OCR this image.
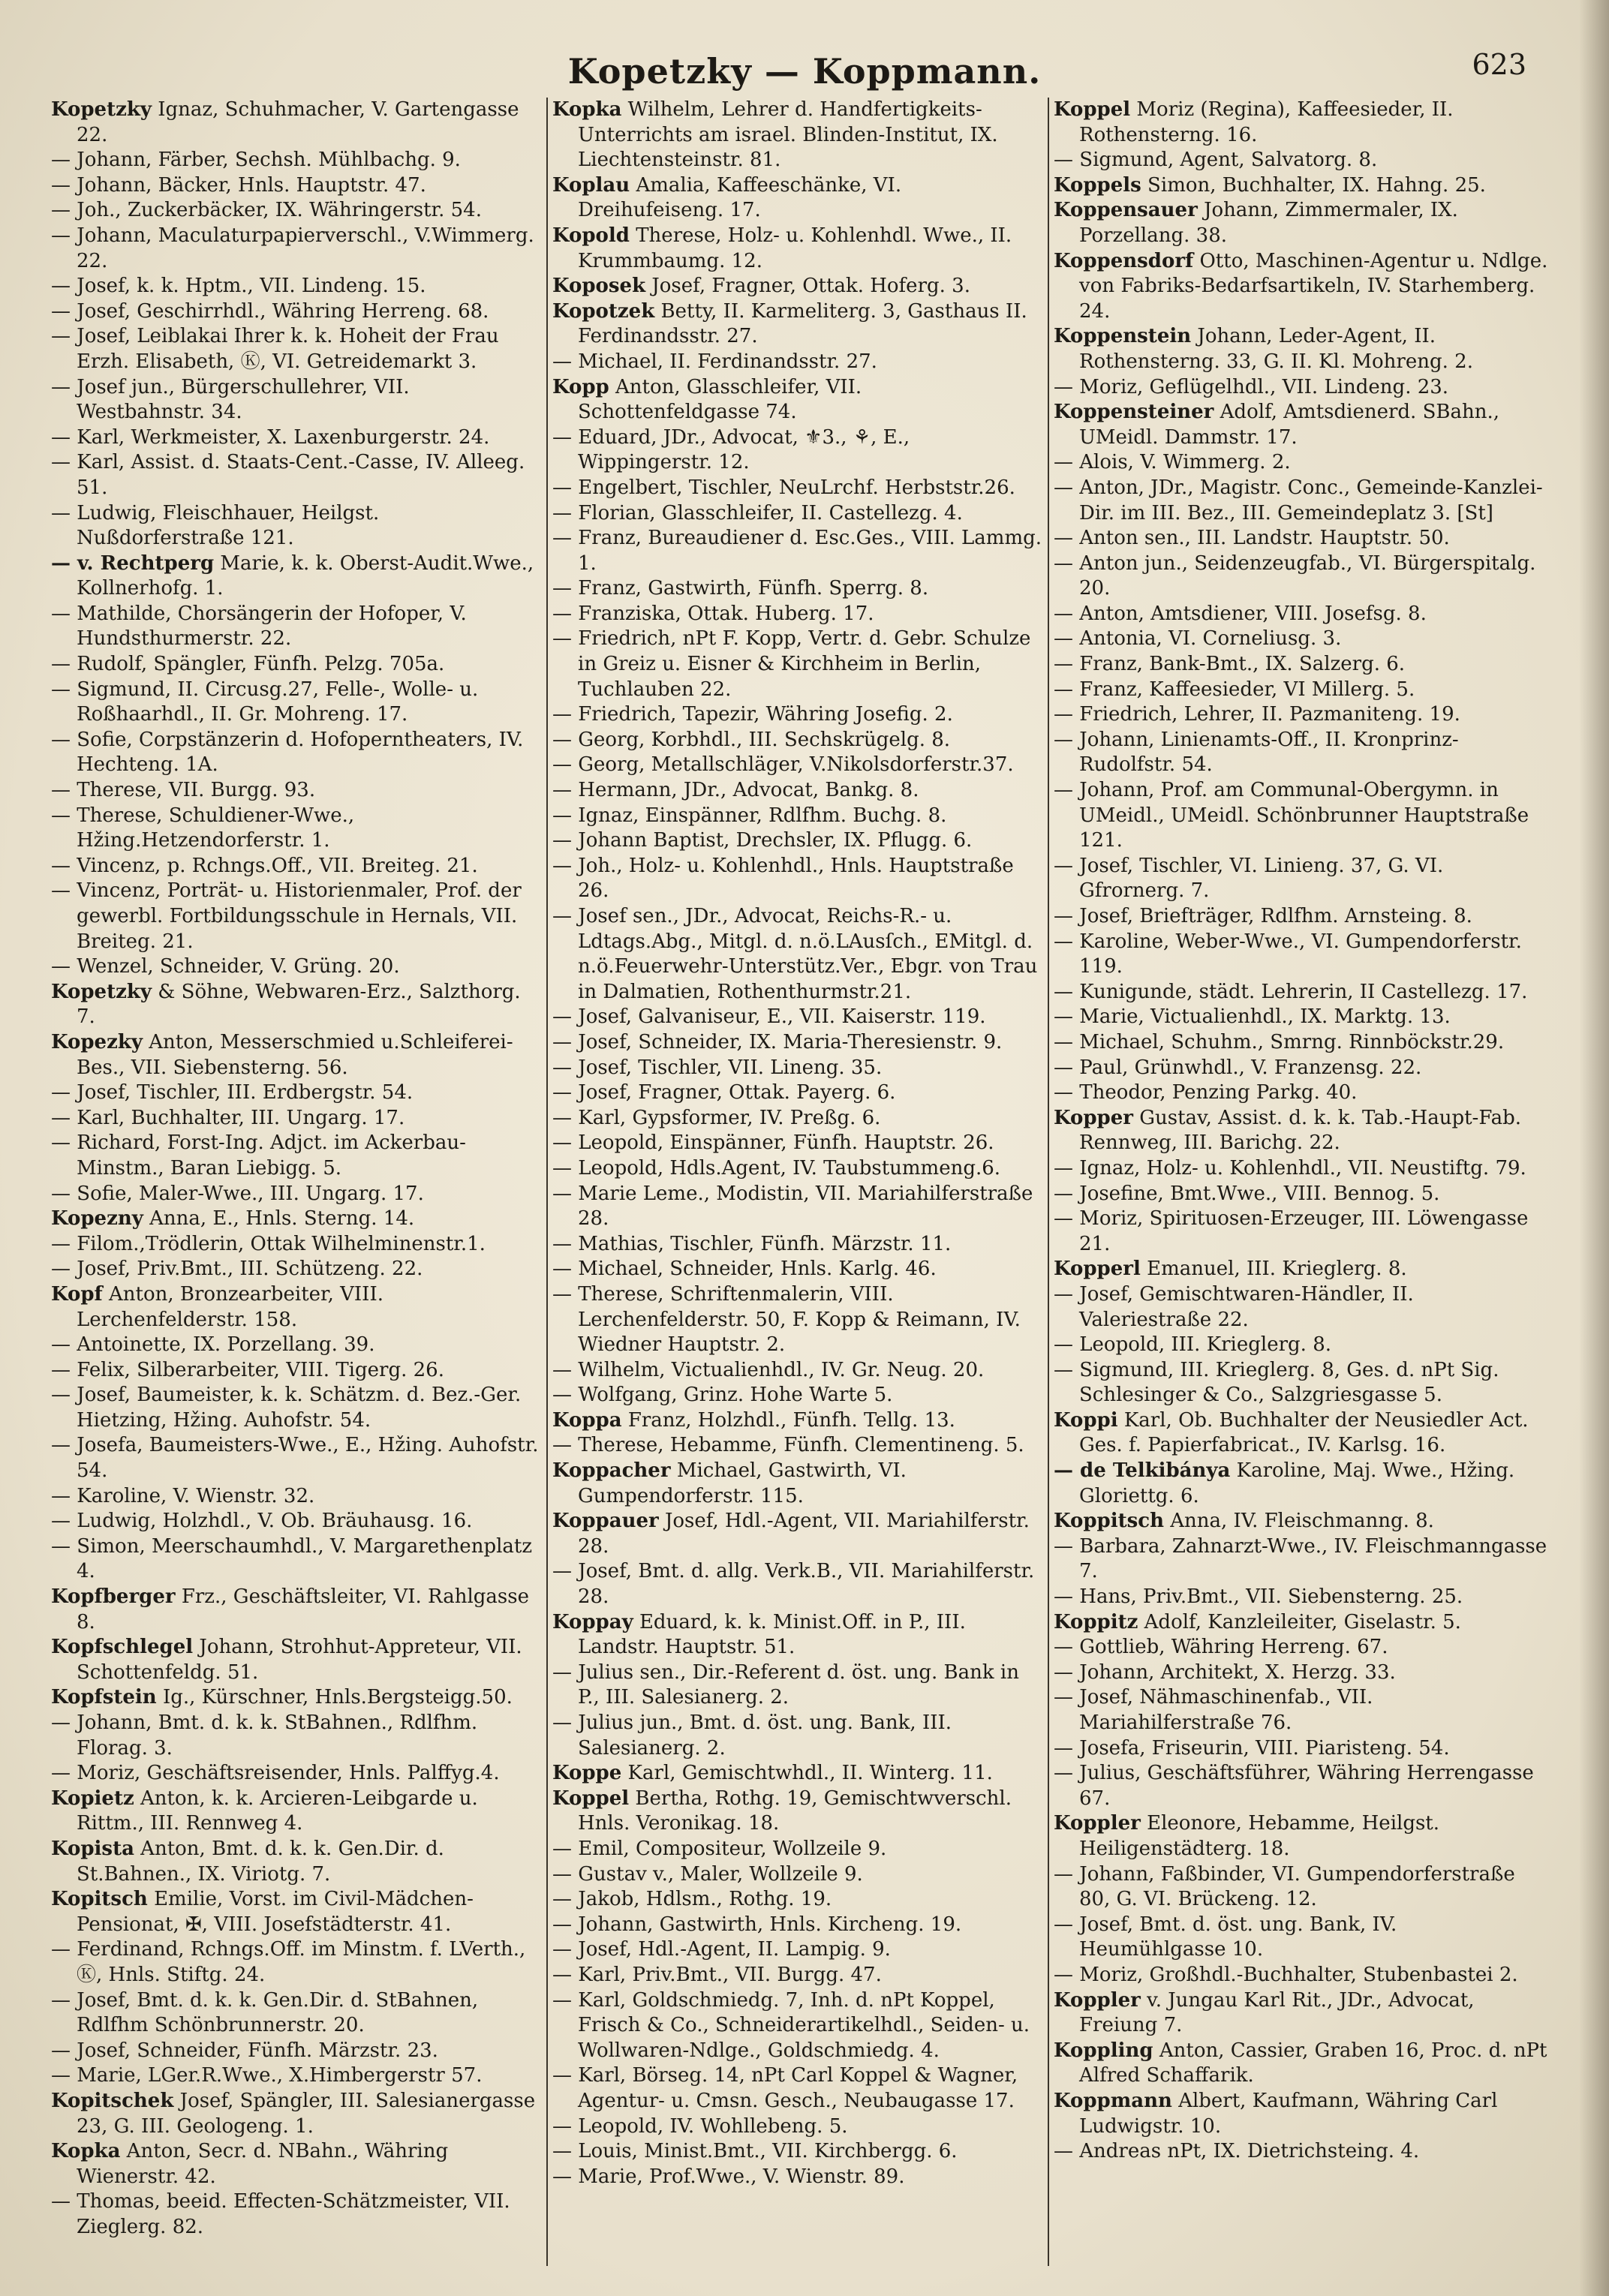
Kopetzky — Koppmann.	623

Kopetzky Ignaz, Schuhmacher, V. Gartengasse 22.

— Johann, Färber, Sechsh. Mühlbachg. 9.

— Johann, Bäcker, Hnls. Hauptstr. 47.

— Joh., Zuckerbäcker, IX. Währingerstr. 54.

— Johann, Maculaturpapierverschl., V.Wimmerg. 22.

— Josef, k. k. Hptm., VII. Lindeng. 15.

— Josef, Geschirrhdl., Währing Herreng. 68.

— Josef, Leiblakai Ihrer k. k. Hoheit der Frau Erzh. Elisabeth, Ⓚ, VI. Getreidemarkt 3.

— Josef jun., Bürgerschullehrer, VII. Westbahnstr. 34.

— Karl, Werkmeister, X. Laxenburgerstr. 24.

— Karl, Assist. d. Staats-Cent.-Casse, IV. Alleeg. 51.

— Ludwig, Fleischhauer, Heilgst. Nußdorferstraße 121.

— v. Rechtperg Marie, k. k. Oberst-Audit.Wwe., Kollnerhofg. 1.

— Mathilde, Chorsängerin der Hofoper, V. Hundsthurmerstr. 22.

— Rudolf, Spängler, Fünfh. Pelzg. 705a.

— Sigmund, II. Circusg.27, Felle-, Wolle- u. Roßhaarhdl., II. Gr. Mohreng. 17.

— Sofie, Corpstänzerin d. Hofoperntheaters, IV. Hechteng. 1A.

— Therese, VII. Burgg. 93.

— Therese, Schuldiener-Wwe., Hžing.Hetzendorferstr. 1.

— Vincenz, p. Rchngs.Off., VII. Breiteg. 21.

— Vincenz, Porträt- u. Historienmaler, Prof. der gewerbl. Fortbildungsschule in Hernals, VII. Breiteg. 21.

— Wenzel, Schneider, V. Grüng. 20.

Kopetzky & Söhne, Webwaren-Erz., Salzthorg. 7.

Kopezky Anton, Messerschmied u.Schleiferei-Bes., VII. Siebensterng. 56.

— Josef, Tischler, III. Erdbergstr. 54.

— Karl, Buchhalter, III. Ungarg. 17.

— Richard, Forst-Ing. Adjct. im Ackerbau-Minstm., Baran Liebigg. 5.

— Sofie, Maler-Wwe., III. Ungarg. 17.

Kopezny Anna, E., Hnls. Sterng. 14.

— Filom.,Trödlerin, Ottak Wilhelminenstr.1.

— Josef, Priv.Bmt., III. Schützeng. 22.

Kopf Anton, Bronzearbeiter, VIII. Lerchenfelderstr. 158.

— Antoinette, IX. Porzellang. 39.

— Felix, Silberarbeiter, VIII. Tigerg. 26.

— Josef, Baumeister, k. k. Schätzm. d. Bez.-Ger. Hietzing, Hžing. Auhofstr. 54.

— Josefa, Baumeisters-Wwe., E., Hžing. Auhofstr. 54.

— Karoline, V. Wienstr. 32.

— Ludwig, Holzhdl., V. Ob. Bräuhausg. 16.

— Simon, Meerschaumhdl., V. Margarethenplatz 4.

Kopfberger Frz., Geschäftsleiter, VI. Rahlgasse 8.

Kopfschlegel Johann, Strohhut-Appreteur, VII. Schottenfeldg. 51.

Kopfstein Ig., Kürschner, Hnls.Bergsteigg.50.

— Johann, Bmt. d. k. k. StBahnen., Rdlfhm. Florag. 3.

— Moriz, Geschäftsreisender, Hnls. Palffyg.4.

Kopietz Anton, k. k. Arcieren-Leibgarde u. Rittm., III. Rennweg 4.

Kopista Anton, Bmt. d. k. k. Gen.Dir. d. St.Bahnen., IX. Viriotg. 7.

Kopitsch Emilie, Vorst. im Civil-Mädchen-Pensionat, ✠, VIII. Josefstädterstr. 41.

— Ferdinand, Rchngs.Off. im Minstm. f. LVerth., Ⓚ, Hnls. Stiftg. 24.

— Josef, Bmt. d. k. k. Gen.Dir. d. StBahnen, Rdlfhm Schönbrunnerstr. 20.

— Josef, Schneider, Fünfh. Märzstr. 23.

— Marie, LGer.R.Wwe., X.Himbergerstr 57.

Kopitschek Josef, Spängler, III. Salesianergasse 23, G. III. Geologeng. 1.

Kopka Anton, Secr. d. NBahn., Währing Wienerstr. 42.

— Thomas, beeid. Effecten-Schätzmeister, VII. Zieglerg. 82.

Kopka Wilhelm, Lehrer d. Handfertigkeits-Unterrichts am israel. Blinden-Institut, IX. Liechtensteinstr. 81.

Koplau Amalia, Kaffeeschänke, VI. Dreihufeiseng. 17.

Kopold Therese, Holz- u. Kohlenhdl. Wwe., II. Krummbaumg. 12.

Koposek Josef, Fragner, Ottak. Hoferg. 3.

Kopotzek Betty, II. Karmeliterg. 3, Gasthaus II. Ferdinandsstr. 27.

— Michael, II. Ferdinandsstr. 27.

Kopp Anton, Glasschleifer, VII. Schottenfeldgasse 74.

— Eduard, JDr., Advocat, ⚜3., ⚘, E., Wippingerstr. 12.

— Engelbert, Tischler, NeuLrchf. Herbststr.26.

— Florian, Glasschleifer, II. Castellezg. 4.

— Franz, Bureaudiener d. Esc.Ges., VIII. Lammg. 1.

— Franz, Gastwirth, Fünfh. Sperrg. 8.

— Franziska, Ottak. Huberg. 17.

— Friedrich, nPt F. Kopp, Vertr. d. Gebr. Schulze in Greiz u. Eisner & Kirchheim in Berlin, Tuchlauben 22.

— Friedrich, Tapezir, Währing Josefig. 2.

— Georg, Korbhdl., III. Sechskrügelg. 8.

— Georg, Metallschläger, V.Nikolsdorferstr.37.

— Hermann, JDr., Advocat, Bankg. 8.

— Ignaz, Einspänner, Rdlfhm. Buchg. 8.

— Johann Baptist, Drechsler, IX. Pflugg. 6.

— Joh., Holz- u. Kohlenhdl., Hnls. Hauptstraße 26.

— Josef sen., JDr., Advocat, Reichs-R.- u. Ldtags.Abg., Mitgl. d. n.ö.LAusſch., EMitgl. d. n.ö.Feuerwehr-Unterstütz.Ver., Ebgr. von Trau in Dalmatien, Rothenthurmstr.21.

— Josef, Galvaniseur, E., VII. Kaiserstr. 119.

— Josef, Schneider, IX. Maria-Theresienstr. 9.

— Josef, Tischler, VII. Lineng. 35.

— Josef, Fragner, Ottak. Payerg. 6.

— Karl, Gypsformer, IV. Preßg. 6.

— Leopold, Einspänner, Fünfh. Hauptstr. 26.

— Leopold, Hdls.Agent, IV. Taubstummeng.6.

— Marie Leme., Modistin, VII. Mariahilferstraße 28.

— Mathias, Tischler, Fünfh. Märzstr. 11.

— Michael, Schneider, Hnls. Karlg. 46.

— Therese, Schriftenmalerin, VIII. Lerchenfelderstr. 50, F. Kopp & Reimann, IV. Wiedner Hauptstr. 2.

— Wilhelm, Victualienhdl., IV. Gr. Neug. 20.

— Wolfgang, Grinz. Hohe Warte 5.

Koppa Franz, Holzhdl., Fünfh. Tellg. 13.

— Therese, Hebamme, Fünfh. Clementineng. 5.

Koppacher Michael, Gastwirth, VI. Gumpendorferstr. 115.

Koppauer Josef, Hdl.-Agent, VII. Mariahilferstr. 28.

— Josef, Bmt. d. allg. Verk.B., VII. Mariahilferstr. 28.

Koppay Eduard, k. k. Minist.Off. in P., III. Landstr. Hauptstr. 51.

— Julius sen., Dir.-Referent d. öst. ung. Bank in P., III. Salesianerg. 2.

— Julius jun., Bmt. d. öst. ung. Bank, III. Salesianerg. 2.

Koppe Karl, Gemischtwhdl., II. Winterg. 11.

Koppel Bertha, Rothg. 19, Gemischtwverschl. Hnls. Veronikag. 18.

— Emil, Compositeur, Wollzeile 9.

— Gustav v., Maler, Wollzeile 9.

— Jakob, Hdlsm., Rothg. 19.

— Johann, Gastwirth, Hnls. Kircheng. 19.

— Josef, Hdl.-Agent, II. Lampig. 9.

— Karl, Priv.Bmt., VII. Burgg. 47.

— Karl, Goldschmiedg. 7, Inh. d. nPt Koppel, Frisch & Co., Schneiderartikelhdl., Seiden- u. Wollwaren-Ndlge., Goldschmiedg. 4.

— Karl, Börseg. 14, nPt Carl Koppel & Wagner, Agentur- u. Cmsn. Gesch., Neubaugasse 17.

— Leopold, IV. Wohllebeng. 5.

— Louis, Minist.Bmt., VII. Kirchbergg. 6.

— Marie, Prof.Wwe., V. Wienstr. 89.

Koppel Moriz (Regina), Kaffeesieder, II. Rothensterng. 16.

— Sigmund, Agent, Salvatorg. 8.

Koppels Simon, Buchhalter, IX. Hahng. 25.

Koppensauer Johann, Zimmermaler, IX. Porzellang. 38.

Koppensdorf Otto, Maschinen-Agentur u. Ndlge. von Fabriks-Bedarfsartikeln, IV. Starhemberg. 24.

Koppenstein Johann, Leder-Agent, II. Rothensterng. 33, G. II. Kl. Mohreng. 2.

— Moriz, Geflügelhdl., VII. Lindeng. 23.

Koppensteiner Adolf, Amtsdienerd. SBahn., UMeidl. Dammstr. 17.

— Alois, V. Wimmerg. 2.

— Anton, JDr., Magistr. Conc., Gemeinde-Kanzlei-Dir. im III. Bez., III. Gemeindeplatz 3. [St]

— Anton sen., III. Landstr. Hauptstr. 50.

— Anton jun., Seidenzeugfab., VI. Bürgerspitalg. 20.

— Anton, Amtsdiener, VIII. Josefsg. 8.

— Antonia, VI. Corneliusg. 3.

— Franz, Bank-Bmt., IX. Salzerg. 6.

— Franz, Kaffeesieder, VI Millerg. 5.

— Friedrich, Lehrer, II. Pazmaniteng. 19.

— Johann, Linienamts-Off., II. Kronprinz-Rudolfstr. 54.

— Johann, Prof. am Communal-Obergymn. in UMeidl., UMeidl. Schönbrunner Hauptstraße 121.

— Josef, Tischler, VI. Linieng. 37, G. VI. Gfrornerg. 7.

— Josef, Briefträger, Rdlfhm. Arnsteing. 8.

— Karoline, Weber-Wwe., VI. Gumpendorferstr. 119.

— Kunigunde, städt. Lehrerin, II Castellezg. 17.

— Marie, Victualienhdl., IX. Marktg. 13.

— Michael, Schuhm., Smrng. Rinnböckstr.29.

— Paul, Grünwhdl., V. Franzensg. 22.

— Theodor, Penzing Parkg. 40.

Kopper Gustav, Assist. d. k. k. Tab.-Haupt-Fab. Rennweg, III. Barichg. 22.

— Ignaz, Holz- u. Kohlenhdl., VII. Neustiftg. 79.

— Josefine, Bmt.Wwe., VIII. Bennog. 5.

— Moriz, Spirituosen-Erzeuger, III. Löwengasse 21.

Kopperl Emanuel, III. Krieglerg. 8.

— Josef, Gemischtwaren-Händler, II. Valeriestraße 22.

— Leopold, III. Krieglerg. 8.

— Sigmund, III. Krieglerg. 8, Ges. d. nPt Sig. Schlesinger & Co., Salzgriesgasse 5.

Koppi Karl, Ob. Buchhalter der Neusiedler Act. Ges. f. Papierfabricat., IV. Karlsg. 16.

— de Telkibánya Karoline, Maj. Wwe., Hžing. Gloriettg. 6.

Koppitsch Anna, IV. Fleischmanng. 8.

— Barbara, Zahnarzt-Wwe., IV. Fleischmanngasse 7.

— Hans, Priv.Bmt., VII. Siebensterng. 25.

Koppitz Adolf, Kanzleileiter, Giselastr. 5.

— Gottlieb, Währing Herreng. 67.

— Johann, Architekt, X. Herzg. 33.

— Josef, Nähmaschinenfab., VII. Mariahilferstraße 76.

— Josefa, Friseurin, VIII. Piaristeng. 54.

— Julius, Geschäftsführer, Währing Herrengasse 67.

Koppler Eleonore, Hebamme, Heilgst. Heiligenstädterg. 18.

— Johann, Faßbinder, VI. Gumpendorferstraße 80, G. VI. Brückeng. 12.

— Josef, Bmt. d. öst. ung. Bank, IV. Heumühlgasse 10.

— Moriz, Großhdl.-Buchhalter, Stubenbastei 2.

Koppler v. Jungau Karl Rit., JDr., Advocat, Freiung 7.

Koppling Anton, Cassier, Graben 16, Proc. d. nPt Alfred Schaffarik.

Koppmann Albert, Kaufmann, Währing Carl Ludwigstr. 10.

— Andreas nPt, IX. Dietrichsteing. 4.
